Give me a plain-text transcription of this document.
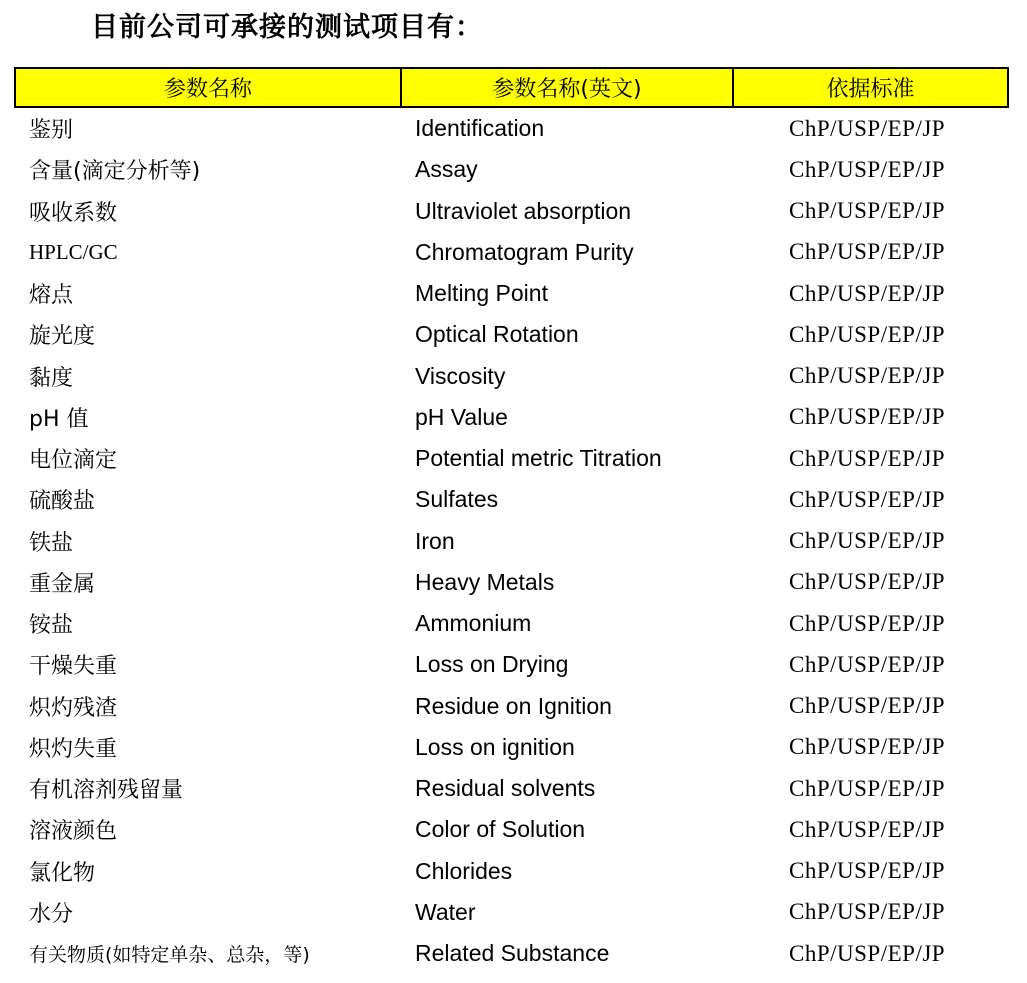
目前公司可承接的测试项目有：
参数名称	参数名称(英文)	依据标准
鉴别	Identification	ChP/USP/EP/JP
含量(滴定分析等)	Assay	ChP/USP/EP/JP
吸收系数	Ultraviolet absorption	ChP/USP/EP/JP
HPLC/GC	Chromatogram Purity	ChP/USP/EP/JP
熔点	Melting Point	ChP/USP/EP/JP
旋光度	Optical Rotation	ChP/USP/EP/JP
黏度	Viscosity	ChP/USP/EP/JP
pH 值	pH Value	ChP/USP/EP/JP
电位滴定	Potential metric Titration	ChP/USP/EP/JP
硫酸盐	Sulfates	ChP/USP/EP/JP
铁盐	Iron	ChP/USP/EP/JP
重金属	Heavy Metals	ChP/USP/EP/JP
铵盐	Ammonium	ChP/USP/EP/JP
干燥失重	Loss on Drying	ChP/USP/EP/JP
炽灼残渣	Residue on Ignition	ChP/USP/EP/JP
炽灼失重	Loss on ignition	ChP/USP/EP/JP
有机溶剂残留量	Residual solvents	ChP/USP/EP/JP
溶液颜色	Color of Solution	ChP/USP/EP/JP
氯化物	Chlorides	ChP/USP/EP/JP
水分	Water	ChP/USP/EP/JP
有关物质(如特定单杂、总杂，等)	Related Substance	ChP/USP/EP/JP
